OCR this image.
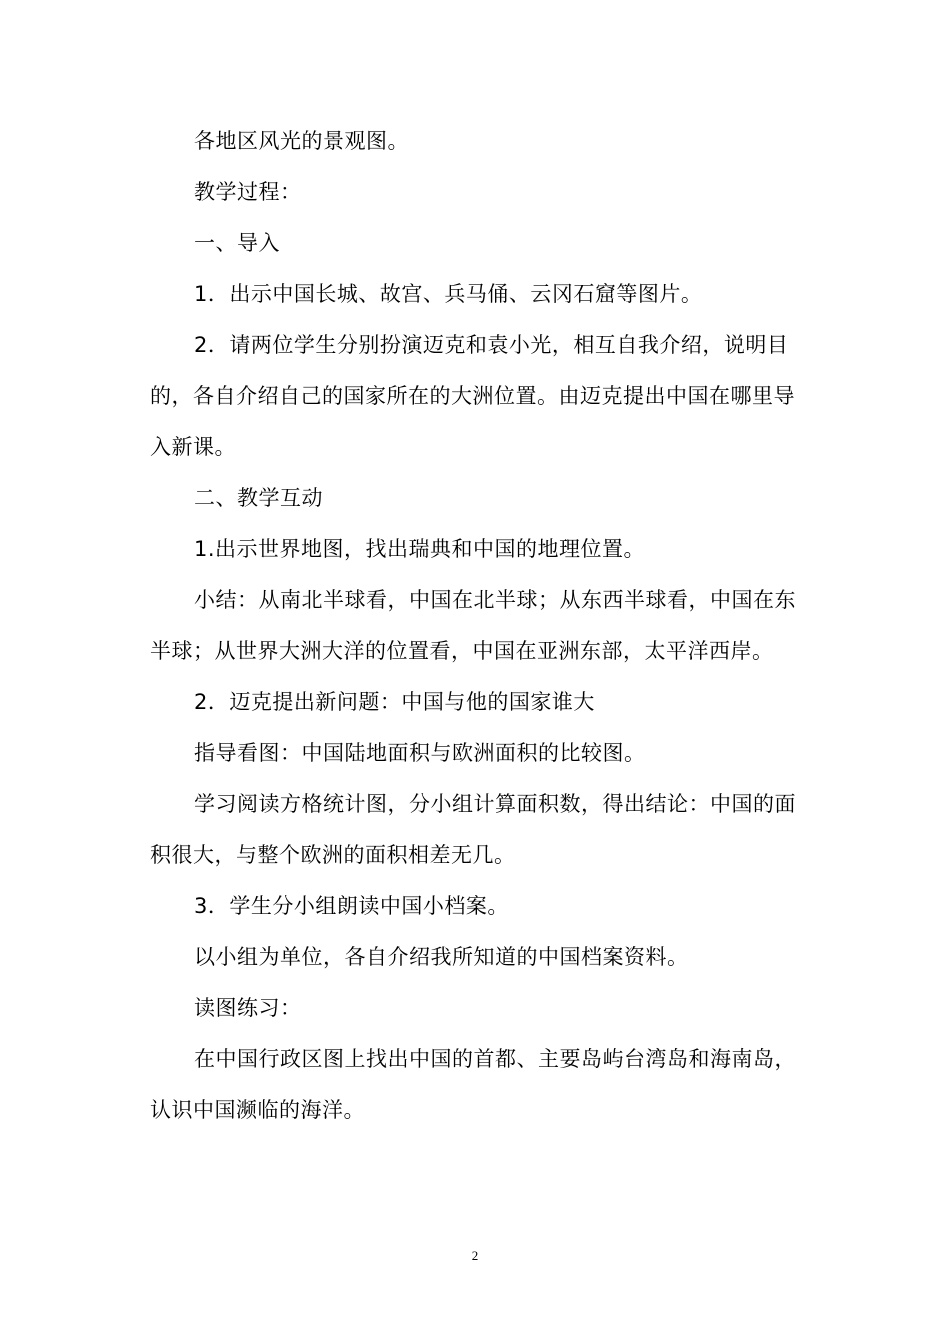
各地区风光的景观图。

教学过程：

一、导入

1．出示中国长城、故宫、兵马俑、云冈石窟等图片。

2．请两位学生分别扮演迈克和袁小光，相互自我介绍，说明目的，各自介绍自己的国家所在的大洲位置。由迈克提出中国在哪里导入新课。

二、教学互动

1.出示世界地图，找出瑞典和中国的地理位置。

小结：从南北半球看，中国在北半球；从东西半球看，中国在东半球；从世界大洲大洋的位置看，中国在亚洲东部，太平洋西岸。

2．迈克提出新问题：中国与他的国家谁大

指导看图：中国陆地面积与欧洲面积的比较图。

学习阅读方格统计图，分小组计算面积数，得出结论：中国的面积很大，与整个欧洲的面积相差无几。

3．学生分小组朗读中国小档案。

以小组为单位，各自介绍我所知道的中国档案资料。

读图练习：

在中国行政区图上找出中国的首都、主要岛屿台湾岛和海南岛，认识中国濒临的海洋。

2
